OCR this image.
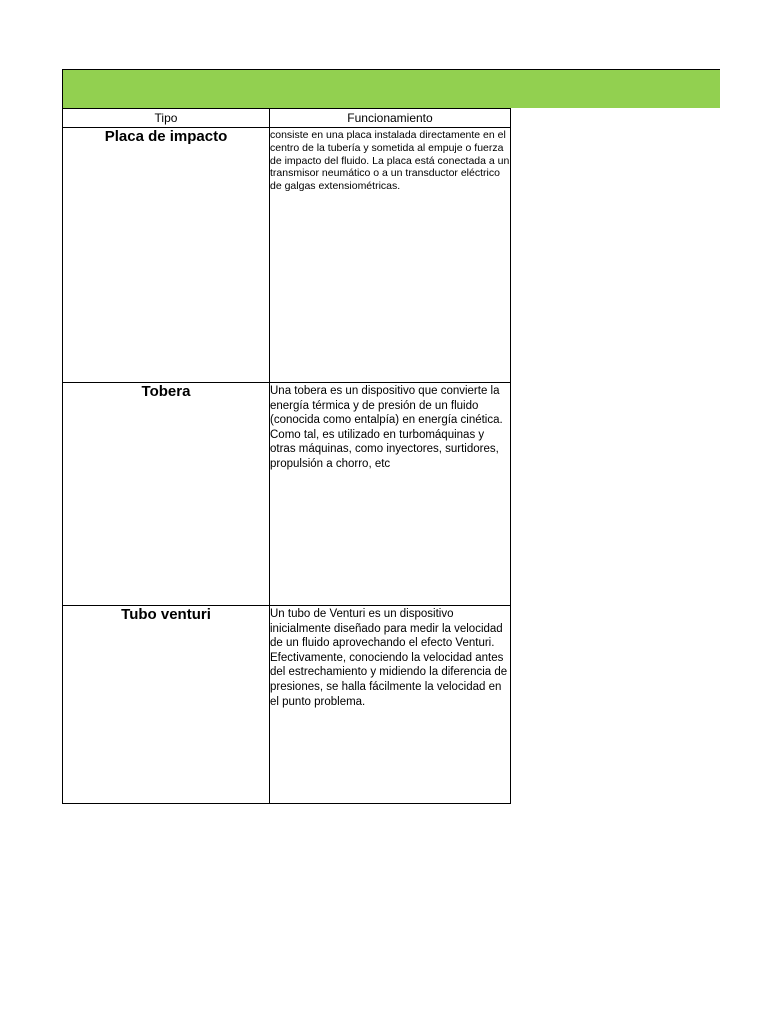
Tipo	Funcionamiento
Placa de impacto	consiste en una placa instalada directamente en el centro de la tubería y sometida al empuje o fuerza de impacto del fluido. La placa está conectada a un transmisor neumático o a un transductor eléctrico de galgas extensiométricas.

Tobera	Una tobera es un dispositivo que convierte la energía térmica y de presión de un fluido (conocida como entalpía) en energía cinética. Como tal, es utilizado en turbomáquinas y otras máquinas, como inyectores, surtidores, propulsión a chorro, etc

Tubo venturi	Un tubo de Venturi es un dispositivo inicialmente diseñado para medir la velocidad de un fluido aprovechando el efecto Venturi. Efectivamente, conociendo la velocidad antes del estrechamiento y midiendo la diferencia de presiones, se halla fácilmente la velocidad en el punto problema.
